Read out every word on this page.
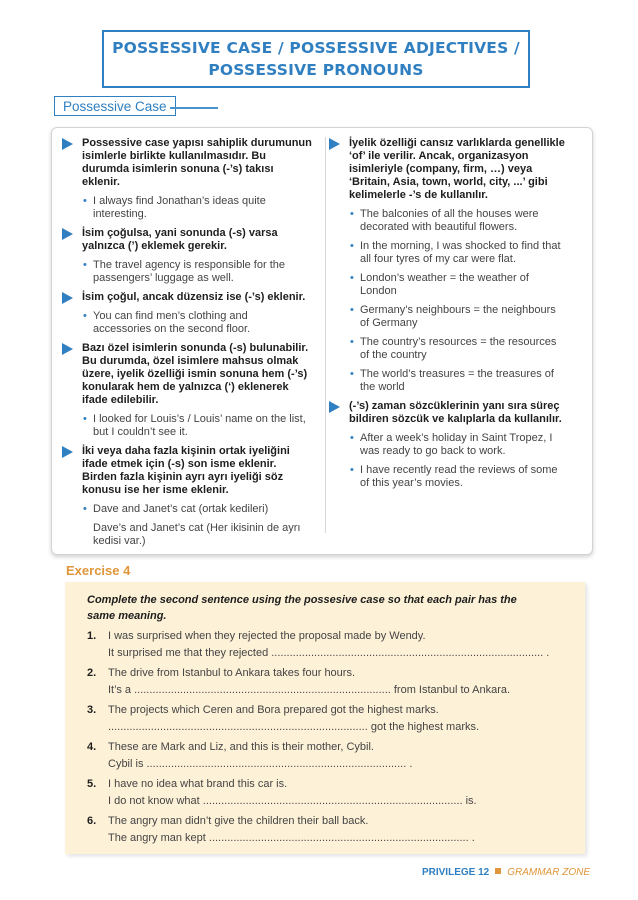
POSSESSIVE CASE / POSSESSIVE ADJECTIVES /
POSSESSIVE PRONOUNS
Possessive Case
Possessive case yapısı sahiplik durumunun
isimlerle birlikte kullanılmasıdır. Bu
durumda isimlerin sonuna (-’s) takısı
eklenir.
• I always find Jonathan’s ideas quite
interesting.
İsim çoğulsa, yani sonunda (-s) varsa
yalnızca (’) eklemek gerekir.
• The travel agency is responsible for the
passengers’ luggage as well.
İsim çoğul, ancak düzensiz ise (-’s) eklenir.
• You can find men’s clothing and
accessories on the second floor.
Bazı özel isimlerin sonunda (-s) bulunabilir.
Bu durumda, özel isimlere mahsus olmak
üzere, iyelik özelliği ismin sonuna hem (-’s)
konularak hem de yalnızca (‘) eklenerek
ifade edilebilir.
• I looked for Louis’s / Louis’ name on the list,
but I couldn’t see it.
İki veya daha fazla kişinin ortak iyeliğini
ifade etmek için (-s) son isme eklenir.
Birden fazla kişinin ayrı ayrı iyeliği söz
konusu ise her isme eklenir.
• Dave and Janet’s cat (ortak kedileri)
Dave’s and Janet’s cat (Her ikisinin de ayrı
kedisi var.)
İyelik özelliği cansız varlıklarda genellikle
‘of’ ile verilir. Ancak, organizasyon
isimleriyle (company, firm, …) veya
‘Britain, Asia, town, world, city, ...’ gibi
kelimelerle -’s de kullanılır.
• The balconies of all the houses were
decorated with beautiful flowers.
• In the morning, I was shocked to find that
all four tyres of my car were flat.
• London’s weather = the weather of
London
• Germany’s neighbours = the neighbours
of Germany
• The country’s resources = the resources
of the country
• The world’s treasures = the treasures of
the world
(-’s) zaman sözcüklerinin yanı sıra süreç
bildiren sözcük ve kalıplarla da kullanılır.
• After a week’s holiday in Saint Tropez, I
was ready to go back to work.
• I have recently read the reviews of some
of this year’s movies.
Exercise 4
Complete the second sentence using the possesive case so that each pair has the
same meaning.
1. I was surprised when they rejected the proposal made by Wendy.
It surprised me that they rejected ......................................................................................... .
2. The drive from Istanbul to Ankara takes four hours.
It’s a .................................................................................... from Istanbul to Ankara.
3. The projects which Ceren and Bora prepared got the highest marks.
..................................................................................... got the highest marks.
4. These are Mark and Liz, and this is their mother, Cybil.
Cybil is ..................................................................................... .
5. I have no idea what brand this car is.
I do not know what ..................................................................................... is.
6. The angry man didn’t give the children their ball back.
The angry man kept ..................................................................................... .
PRIVILEGE 12 GRAMMAR ZONE
